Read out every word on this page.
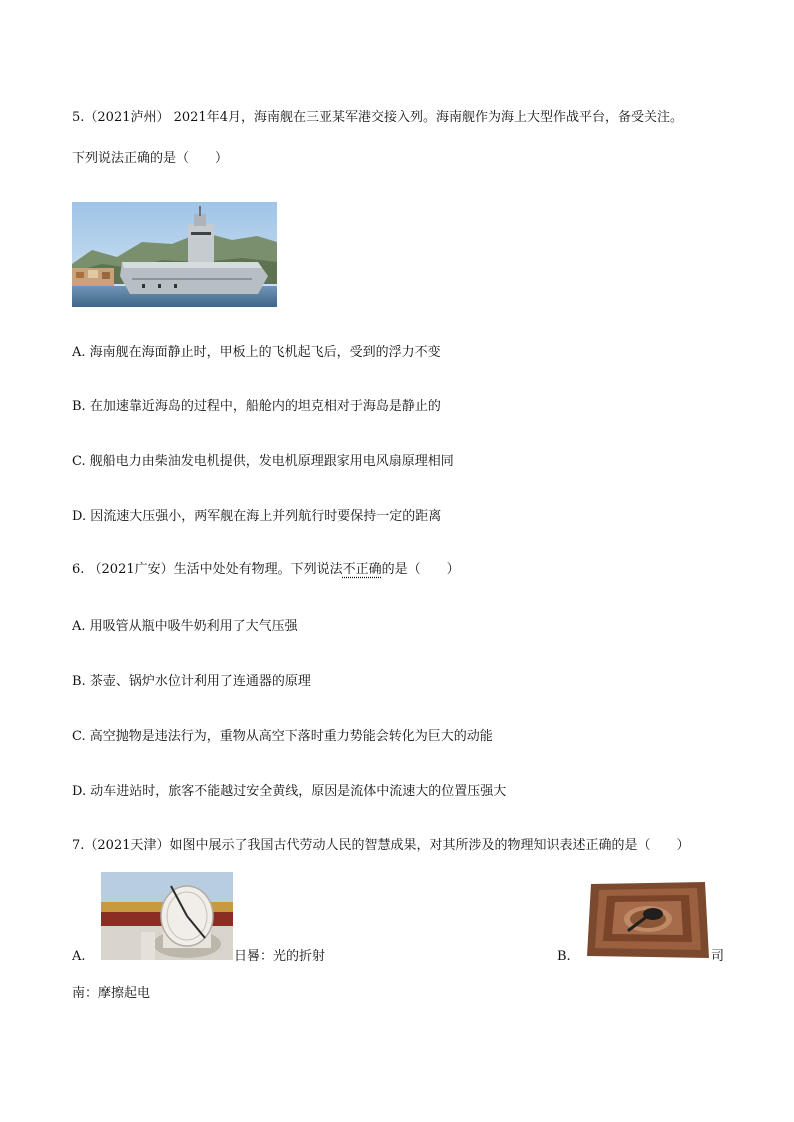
5.（2021泸州） 2021年4月，海南舰在三亚某军港交接入列。海南舰作为海上大型作战平台，备受关注。
下列说法正确的是（　　）
A. 海南舰在海面静止时，甲板上的飞机起飞后，受到的浮力不变
B. 在加速靠近海岛的过程中，船舱内的坦克相对于海岛是静止的
C. 舰船电力由柴油发电机提供，发电机原理跟家用电风扇原理相同
D. 因流速大压强小，两军舰在海上并列航行时要保持一定的距离
6. （2021广安）生活中处处有物理。下列说法不正确的是（　　）
A. 用吸管从瓶中吸牛奶利用了大气压强
B. 茶壶、锅炉水位计利用了连通器的原理
C. 高空抛物是违法行为，重物从高空下落时重力势能会转化为巨大的动能
D. 动车进站时，旅客不能越过安全黄线，原因是流体中流速大的位置压强大
7.（2021天津）如图中展示了我国古代劳动人民的智慧成果，对其所涉及的物理知识表述正确的是（　　）
A.	日晷：光的折射	B.	司
南：摩擦起电
